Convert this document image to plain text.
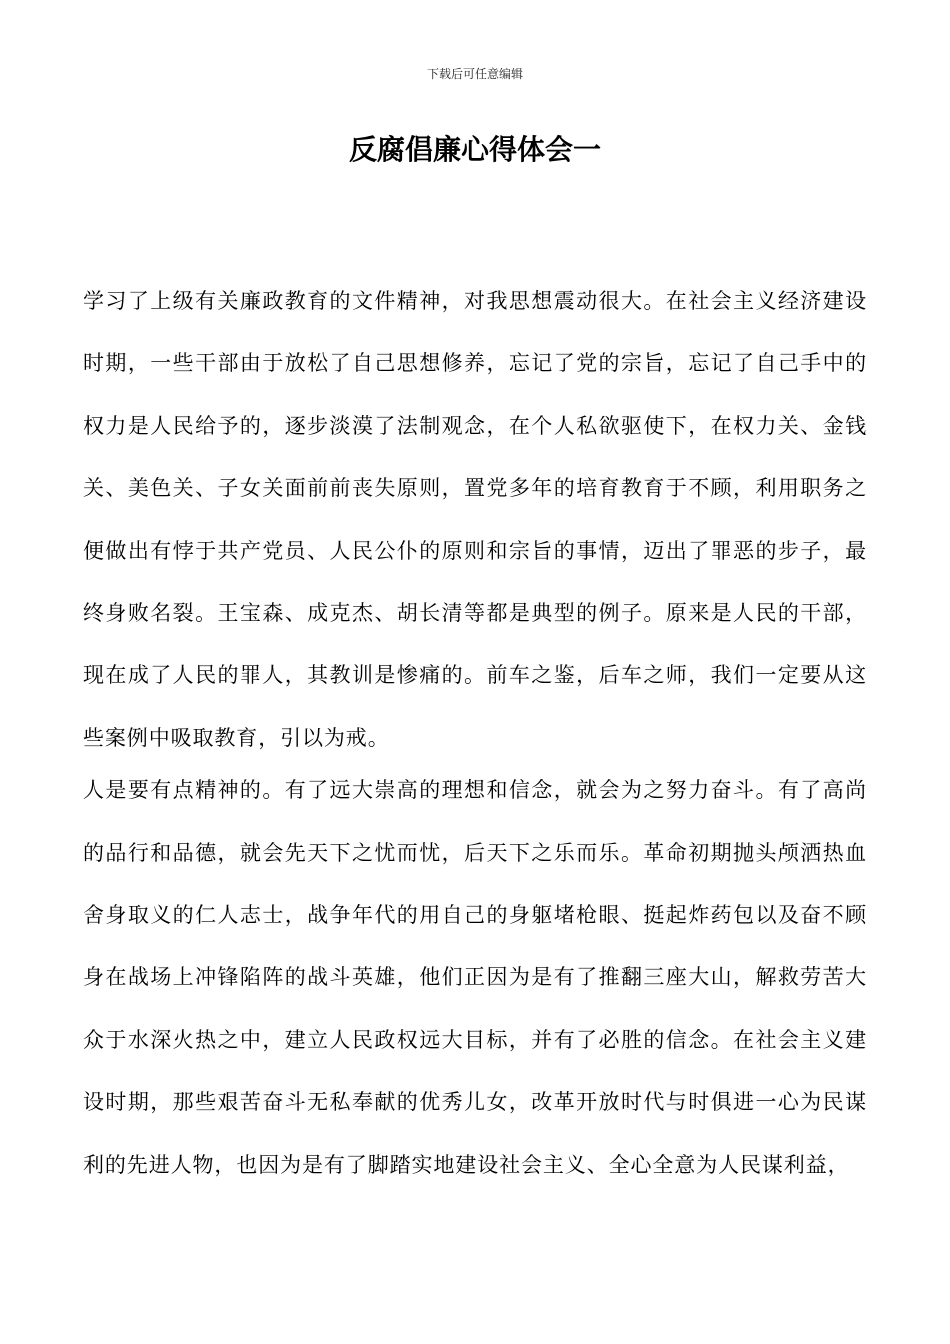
下载后可任意编辑
反腐倡廉心得体会一

学习了上级有关廉政教育的文件精神，对我思想震动很大。在社会主义经济建设时期，一些干部由于放松了自己思想修养，忘记了党的宗旨，忘记了自己手中的权力是人民给予的，逐步淡漠了法制观念，在个人私欲驱使下，在权力关、金钱关、美色关、子女关面前前丧失原则，置党多年的培育教育于不顾，利用职务之便做出有悖于共产党员、人民公仆的原则和宗旨的事情，迈出了罪恶的步子，最终身败名裂。王宝森、成克杰、胡长清等都是典型的例子。原来是人民的干部，现在成了人民的罪人，其教训是惨痛的。前车之鉴，后车之师，我们一定要从这些案例中吸取教育，引以为戒。

人是要有点精神的。有了远大崇高的理想和信念，就会为之努力奋斗。有了高尚的品行和品德，就会先天下之忧而忧，后天下之乐而乐。革命初期抛头颅洒热血舍身取义的仁人志士，战争年代的用自己的身躯堵枪眼、挺起炸药包以及奋不顾身在战场上冲锋陷阵的战斗英雄，他们正因为是有了推翻三座大山，解救劳苦大众于水深火热之中，建立人民政权远大目标，并有了必胜的信念。在社会主义建设时期，那些艰苦奋斗无私奉献的优秀儿女，改革开放时代与时俱进一心为民谋利的先进人物，也因为是有了脚踏实地建设社会主义、全心全意为人民谋利益，
